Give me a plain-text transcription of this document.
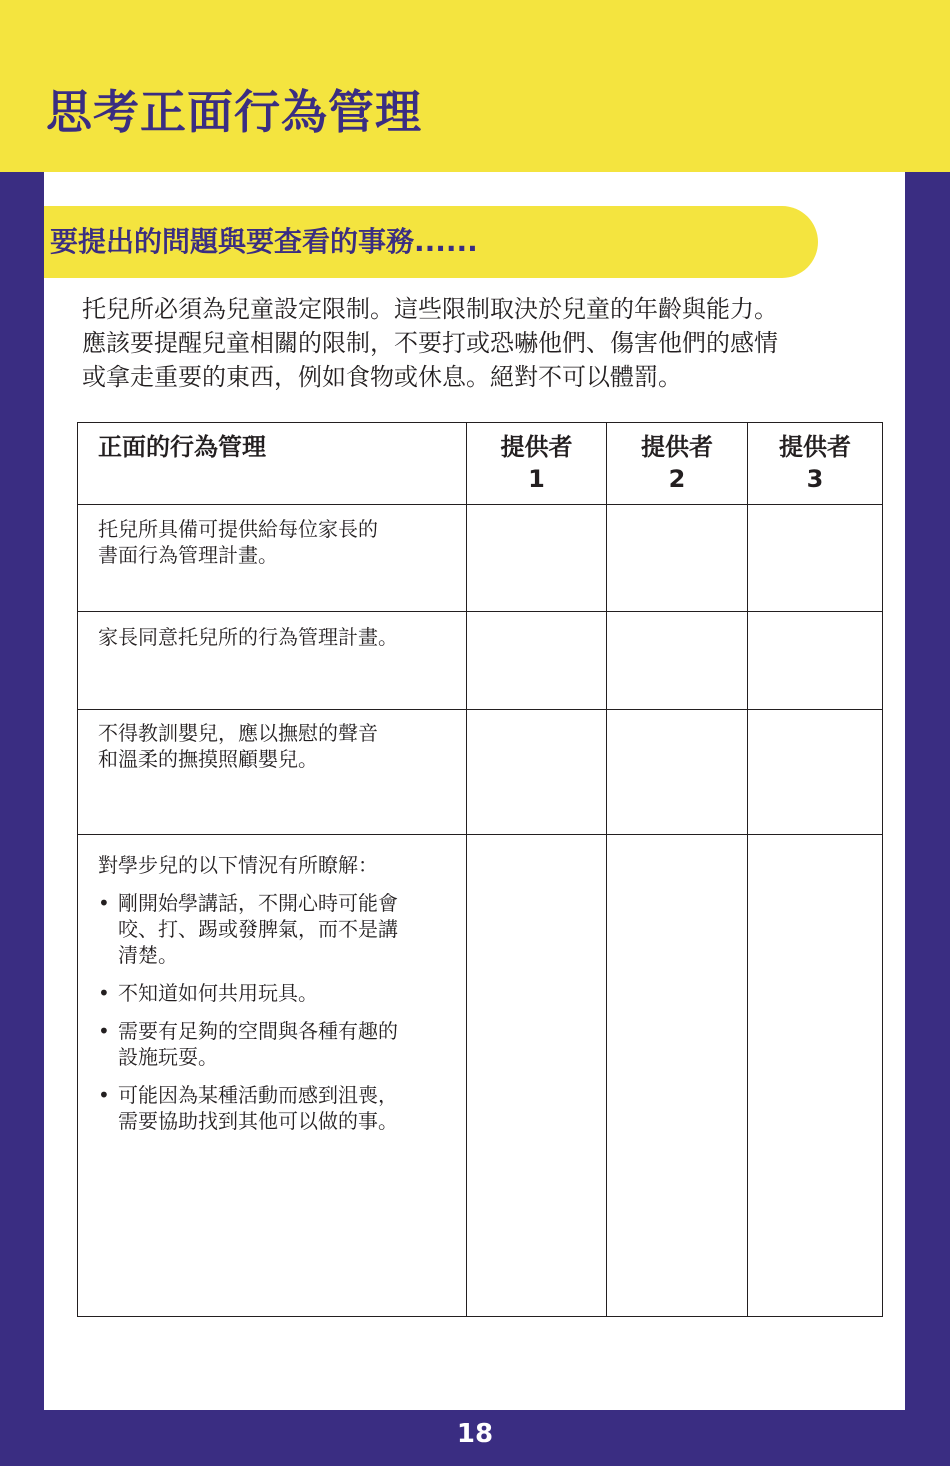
思考正面行為管理
要提出的問題與要查看的事務......

托兒所必須為兒童設定限制。這些限制取決於兒童的年齡與能力。

應該要提醒兒童相關的限制，不要打或恐嚇他們、傷害他們的感情

或拿走重要的東西，例如食物或休息。絕對不可以體罰。

正面的行為管理	提供者
1
提供者
2
提供者
3

托兒所具備可提供給每位家長的

書面行為管理計畫。

家長同意托兒所的行為管理計畫。

不得教訓嬰兒，應以撫慰的聲音

和溫柔的撫摸照顧嬰兒。

對學步兒的以下情況有所瞭解：

• 剛開始學講話，不開心時可能會

咬、打、踢或發脾氣，而不是講

清楚。

• 不知道如何共用玩具。

• 需要有足夠的空間與各種有趣的

設施玩耍。

• 可能因為某種活動而感到沮喪，

需要協助找到其他可以做的事。

18
